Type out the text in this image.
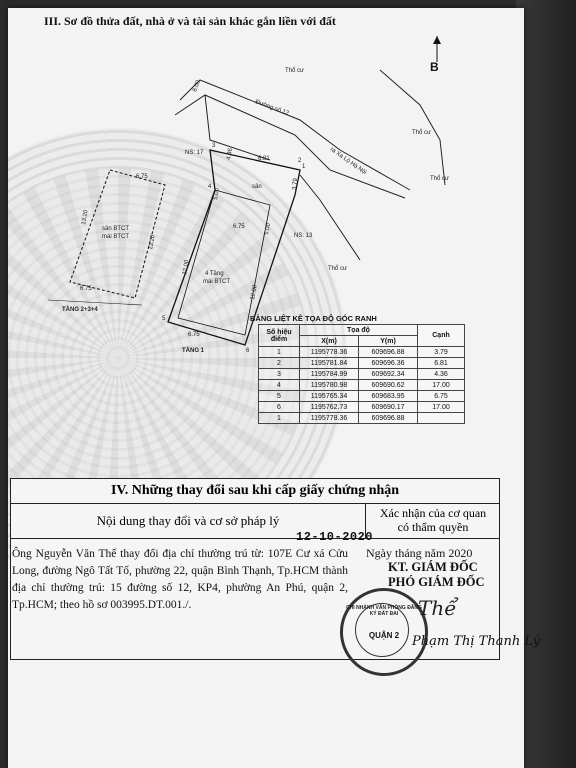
III. Sơ đồ thửa đất, nhà ở và tài sản khác gắn liền với đất
B
Thổ cư
Thổ cư
Thổ cư
Thổ cư
Đường số 12
ra Xa Lộ Hà Nội
NS: 17
NS: 13
sân
4 Tầng
mái BTCT
sân BTCT
mái BTCT
TẦNG 2+3+4
TẦNG 1
8.00
4.36	6.81
3.79
5.00
6.75
12.00
5.00
12.00
6.75
6.75
6.75
13.20
13.20
1
2
3
4
5
6
BẢNG LIỆT KÊ TỌA ĐỘ GÓC RANH
Số hiệu điểm	Tọa độ		Cạnh
	X(m)	Y(m)	
1	1195778.36	609696.88	3.79
2	1195781.84	609696.36	6.81
3	1195784.99	609692.34	4.36
4	1195780.98	609690.62	17.00
5	1195765.34	609683.95	6.75
6	1195762.73	609690.17	17.00
1	1195778.36	609696.88	
IV. Những thay đổi sau khi cấp giấy chứng nhận
Nội dung thay đổi và cơ sở pháp lý	Xác nhận của cơ quan
có thẩm quyền
12-10-2020
Ông Nguyễn Văn Thế thay đổi địa chỉ thường trú từ: 107E Cư xá Cửu Long, đường Ngô Tất Tố, phường 22, quận Bình Thạnh, Tp.HCM thành địa chỉ thường trú: 15 đường số 12, KP4, phường An Phú, quận 2, Tp.HCM; theo hồ sơ 003995.DT.001./.
Ngày tháng năm 2020
KT. GIÁM ĐỐC
PHÓ GIÁM ĐỐC
CHI NHÁNH VĂN PHÒNG ĐĂNG KÝ ĐẤT ĐAI
QUẬN 2
Thể
Phạm Thị Thanh Lý
